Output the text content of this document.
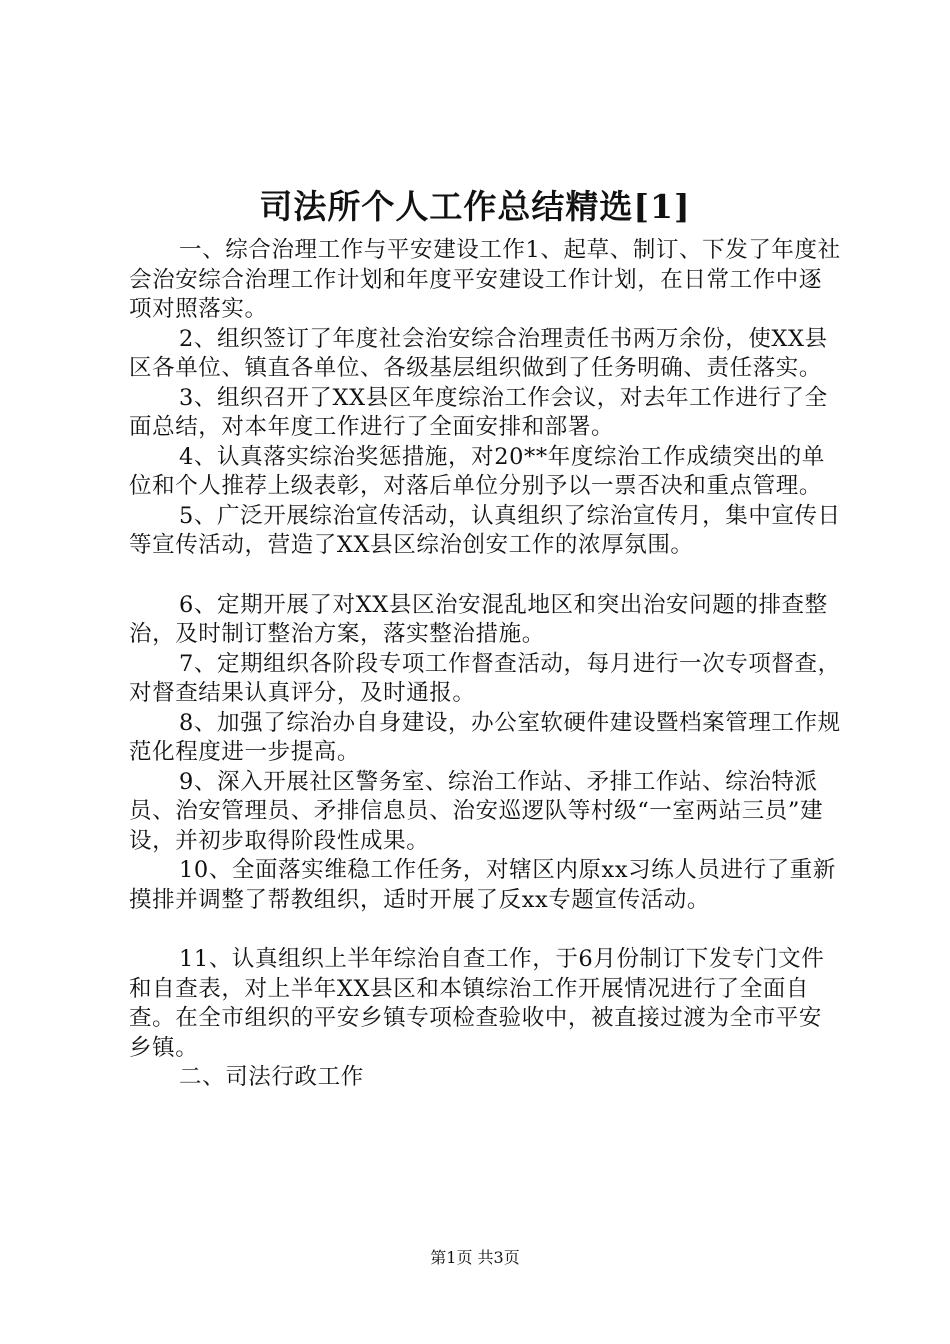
司法所个人工作总结精选[1]

一、综合治理工作与平安建设工作1、起草、制订、下发了年度社会治安综合治理工作计划和年度平安建设工作计划，在日常工作中逐项对照落实。

2、组织签订了年度社会治安综合治理责任书两万余份，使XX县区各单位、镇直各单位、各级基层组织做到了任务明确、责任落实。

3、组织召开了XX县区年度综治工作会议，对去年工作进行了全面总结，对本年度工作进行了全面安排和部署。

4、认真落实综治奖惩措施，对20**年度综治工作成绩突出的单位和个人推荐上级表彰，对落后单位分别予以一票否决和重点管理。

5、广泛开展综治宣传活动，认真组织了综治宣传月，集中宣传日等宣传活动，营造了XX县区综治创安工作的浓厚氛围。

6、定期开展了对XX县区治安混乱地区和突出治安问题的排查整治，及时制订整治方案，落实整治措施。

7、定期组织各阶段专项工作督查活动，每月进行一次专项督查，对督查结果认真评分，及时通报。

8、加强了综治办自身建设，办公室软硬件建设暨档案管理工作规范化程度进一步提高。

9、深入开展社区警务室、综治工作站、矛排工作站、综治特派员、治安管理员、矛排信息员、治安巡逻队等村级“一室两站三员”建设，并初步取得阶段性成果。

10、全面落实维稳工作任务，对辖区内原xx习练人员进行了重新摸排并调整了帮教组织，适时开展了反xx专题宣传活动。

11、认真组织上半年综治自查工作，于6月份制订下发专门文件和自查表，对上半年XX县区和本镇综治工作开展情况进行了全面自查。在全市组织的平安乡镇专项检查验收中，被直接过渡为全市平安乡镇。

二、司法行政工作

第1页 共3页
